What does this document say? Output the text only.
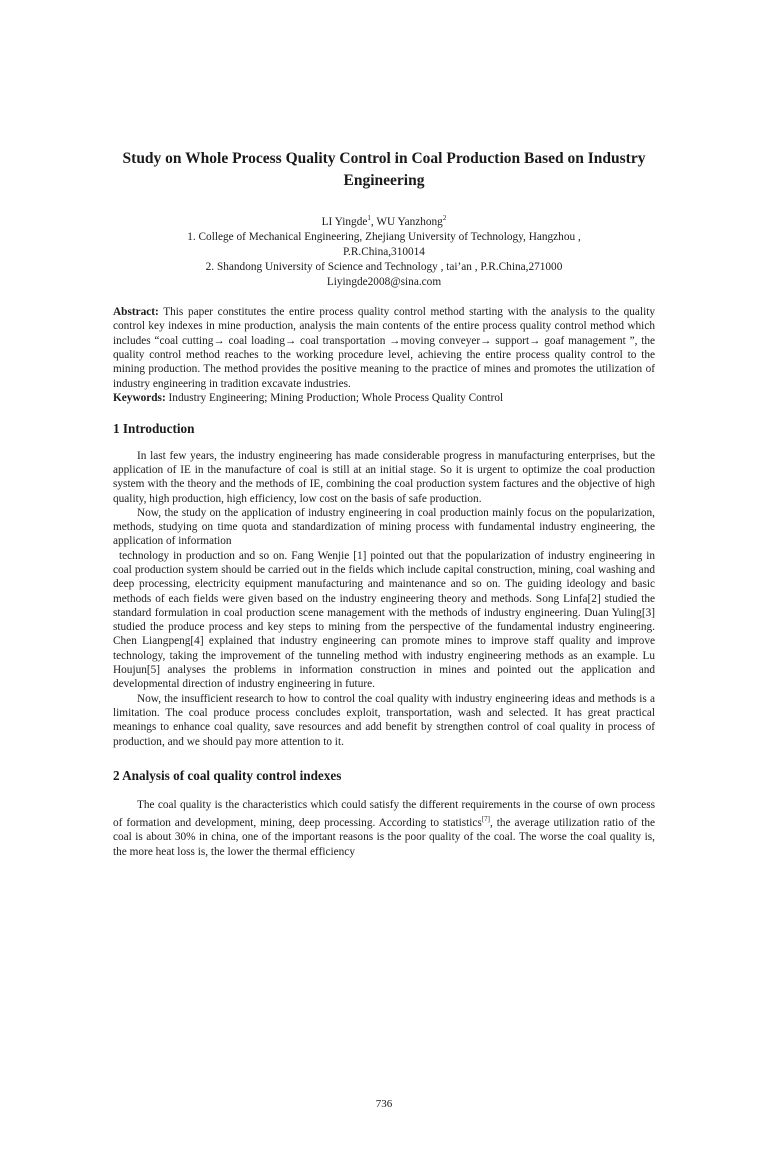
Study on Whole Process Quality Control in Coal Production Based on Industry Engineering
LI Yingde$^1$, WU Yanzhong$^2$
1. College of Mechanical Engineering, Zhejiang University of Technology, Hangzhou ,
P.R.China,310014
2. Shandong University of Science and Technology , tai’an , P.R.China,271000
Liyingde2008@sina.com
Abstract: This paper constitutes the entire process quality control method starting with the analysis to the quality control key indexes in mine production, analysis the main contents of the entire process quality control method which includes “coal cutting→ coal loading→ coal transportation →moving conveyer→ support→ goaf management ”, the quality control method reaches to the working procedure level, achieving the entire process quality control to the mining production. The method provides the positive meaning to the practice of mines and promotes the utilization of industry engineering in tradition excavate industries.
Keywords: Industry Engineering; Mining Production; Whole Process Quality Control
1 Introduction

In last few years, the industry engineering has made considerable progress in manufacturing enterprises, but the application of IE in the manufacture of coal is still at an initial stage. So it is urgent to optimize the coal production system with the theory and the methods of IE, combining the coal production system factures and the objective of high quality, high production, high efficiency, low cost on the basis of safe production.

Now, the study on the application of industry engineering in coal production mainly focus on the popularization, methods, studying on time quota and standardization of mining process with fundamental industry engineering, the application of information

technology in production and so on. Fang Wenjie [1] pointed out that the popularization of industry engineering in coal production system should be carried out in the fields which include capital construction, mining, coal washing and deep processing, electricity equipment manufacturing and maintenance and so on. The guiding ideology and basic methods of each fields were given based on the industry engineering theory and methods. Song Linfa[2] studied the standard formulation in coal production scene management with the methods of industry engineering. Duan Yuling[3] studied the produce process and key steps to mining from the perspective of the fundamental industry engineering. Chen Liangpeng[4] explained that industry engineering can promote mines to improve staff quality and improve technology, taking the improvement of the tunneling method with industry engineering methods as an example. Lu Houjun[5] analyses the problems in information construction in mines and pointed out the application and developmental direction of industry engineering in future.

Now, the insufficient research to how to control the coal quality with industry engineering ideas and methods is a limitation. The coal produce process concludes exploit, transportation, wash and selected. It has great practical meanings to enhance coal quality, save resources and add benefit by strengthen control of coal quality in process of production, and we should pay more attention to it.

2 Analysis of coal quality control indexes

The coal quality is the characteristics which could satisfy the different requirements in the course of own process of formation and development, mining, deep processing. According to statistics[7], the average utilization ratio of the coal is about 30% in china, one of the important reasons is the poor quality of the coal. The worse the coal quality is, the more heat loss is, the lower the thermal efficiency

736
